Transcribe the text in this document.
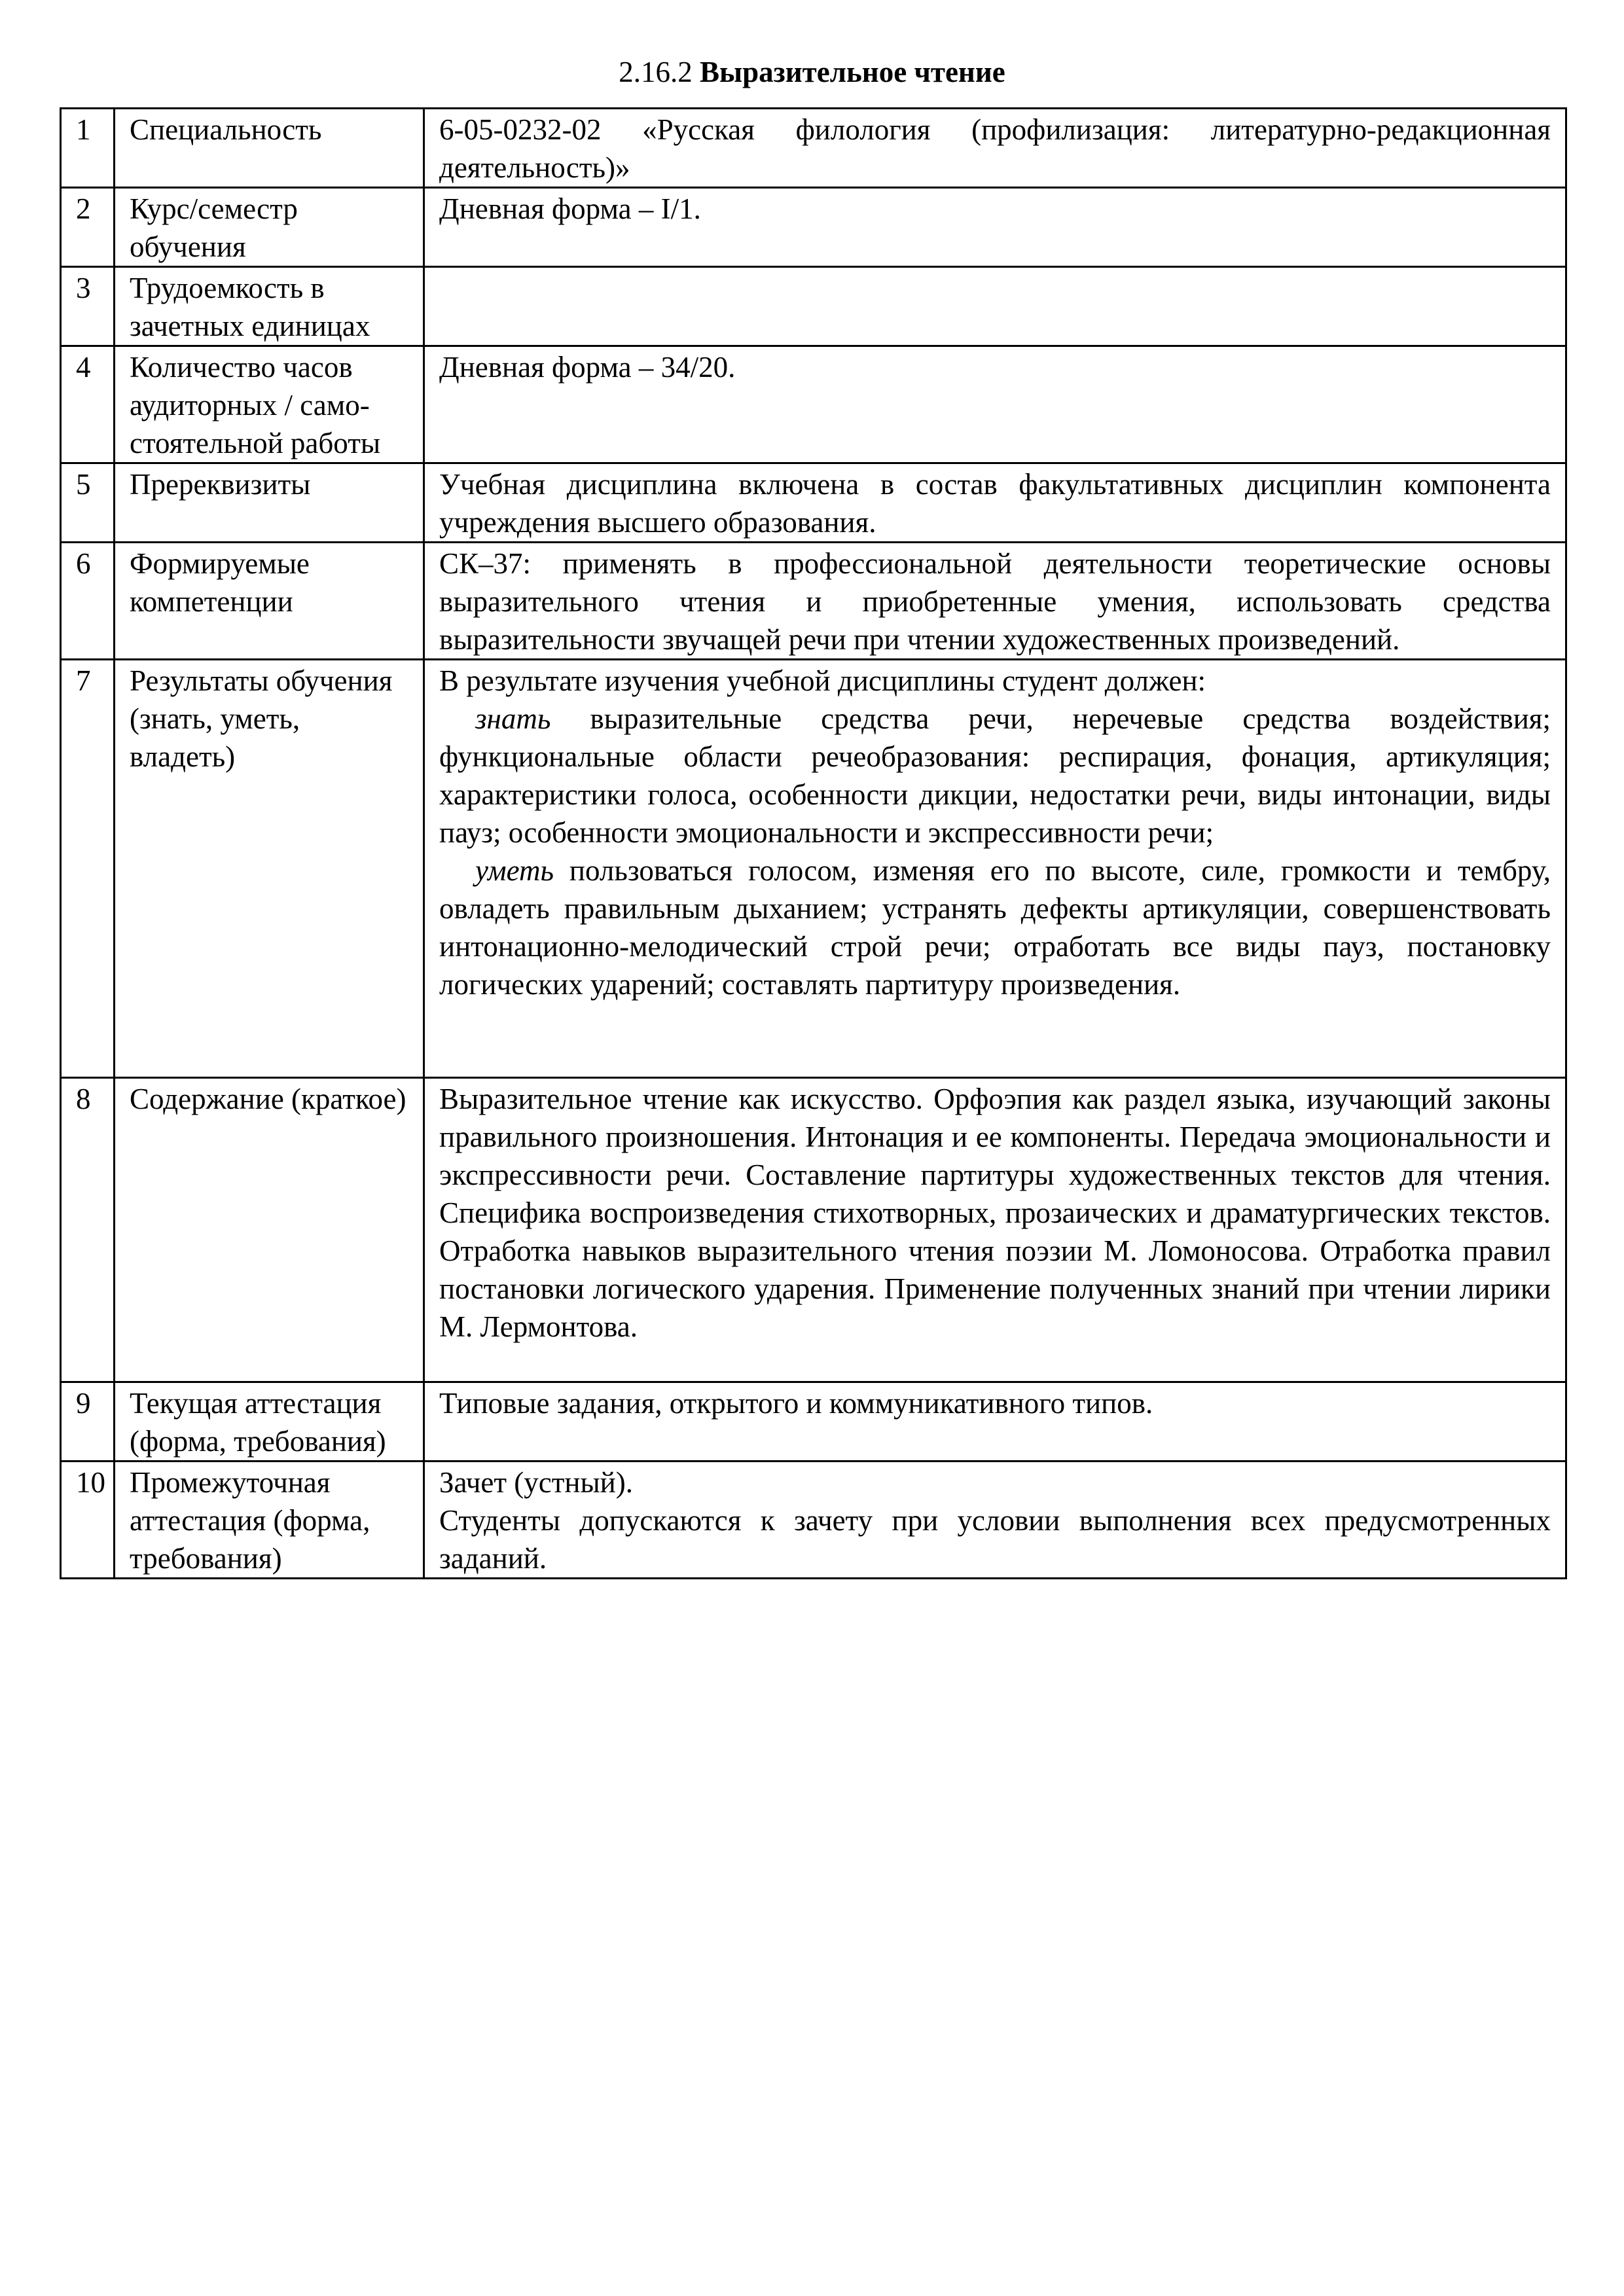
2.16.2 Выразительное чтение
1	Специальность	6-05-0232-02 «Русская филология (профилизация: литературно-редакционная деятельность)»
2	Курс/семестр обучения	Дневная форма – I/1.
3	Трудоемкость в зачетных единицах	
4	Количество часов аудиторных / само-стоятельной работы	Дневная форма – 34/20.
5	Пререквизиты	Учебная дисциплина включена в состав факультативных дисциплин компонента учреждения высшего образования.
6	Формируемые компетенции	СК–37: применять в профессиональной деятельности теоретические основы выразительного чтения и приобретенные умения, использовать средства выразительности звучащей речи при чтении художественных произведений.
7	Результаты обучения (знать, уметь, владеть)	В результате изучения учебной дисциплины студент должен:
знать выразительные средства речи, неречевые средства воздействия; функциональные области речеобразования: респирация, фонация, артикуляция; характеристики голоса, особенности дикции, недостатки речи, виды интонации, виды пауз; особенности эмоциональности и экспрессивности речи;
уметь пользоваться голосом, изменяя его по высоте, силе, громкости и тембру, овладеть правильным дыханием; устранять дефекты артикуляции, совершенствовать интонационно-мелодический строй речи; отработать все виды пауз, постановку логических ударений; составлять партитуру произведения.

8	Содержание (краткое)	Выразительное чтение как искусство. Орфоэпия как раздел языка, изучающий законы правильного произношения. Интонация и ее компоненты. Передача эмоциональности и экспрессивности речи. Составление партитуры художественных текстов для чтения. Специфика воспроизведения стихотворных, прозаических и драматургических текстов. Отработка навыков выразительного чтения поэзии М. Ломоносова. Отработка правил постановки логического ударения. Применение полученных знаний при чтении лирики М. Лермонтова.
9	Текущая аттестация (форма, требования)	Типовые задания, открытого и коммуникативного типов.
10	Промежуточная аттестация (форма, требования)	Зачет (устный).
Студенты допускаются к зачету при условии выполнения всех предусмотренных заданий.
